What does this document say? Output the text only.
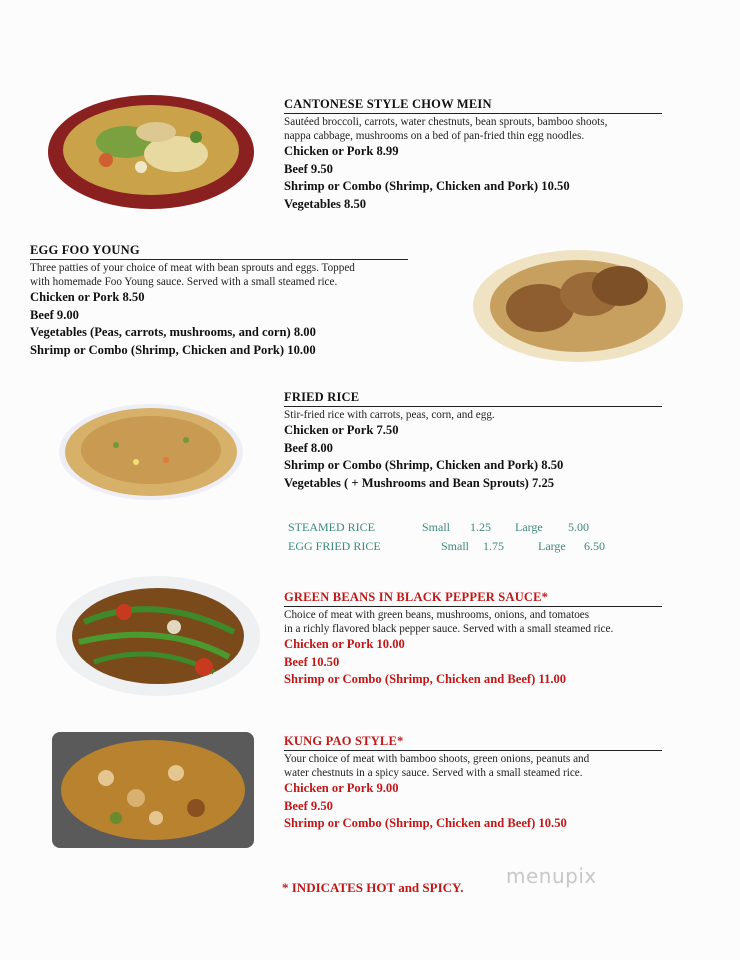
CANTONESE STYLE CHOW MEIN
Sautéed broccoli, carrots, water chestnuts, bean sprouts, bamboo shoots,
nappa cabbage, mushrooms on a bed of pan-fried thin egg noodles.
Chicken or Pork 8.99
Beef 9.50
Shrimp or Combo (Shrimp, Chicken and Pork) 10.50
Vegetables 8.50
EGG FOO YOUNG
Three patties of your choice of meat with bean sprouts and eggs. Topped
with homemade Foo Young sauce. Served with a small steamed rice.
Chicken or Pork 8.50
Beef 9.00
Vegetables (Peas, carrots, mushrooms, and corn) 8.00
Shrimp or Combo (Shrimp, Chicken and Pork) 10.00
FRIED RICE
Stir-fried rice with carrots, peas, corn, and egg.
Chicken or Pork 7.50
Beef 8.00
Shrimp or Combo (Shrimp, Chicken and Pork) 8.50
Vegetables ( + Mushrooms and Bean Sprouts) 7.25
STEAMED RICE	Small 1.25 Large 5.00
EGG FRIED RICE	Small 1.75	Large 6.50
GREEN BEANS IN BLACK PEPPER SAUCE*
Choice of meat with green beans, mushrooms, onions, and tomatoes
in a richly flavored black pepper sauce. Served with a small steamed rice.
Chicken or Pork 10.00
Beef 10.50
Shrimp or Combo (Shrimp, Chicken and Beef) 11.00
KUNG PAO STYLE*
Your choice of meat with bamboo shoots, green onions, peanuts and
water chestnuts in a spicy sauce. Served with a small steamed rice.
Chicken or Pork 9.00
Beef 9.50
Shrimp or Combo (Shrimp, Chicken and Beef) 10.50
* INDICATES HOT and SPICY. menupix
